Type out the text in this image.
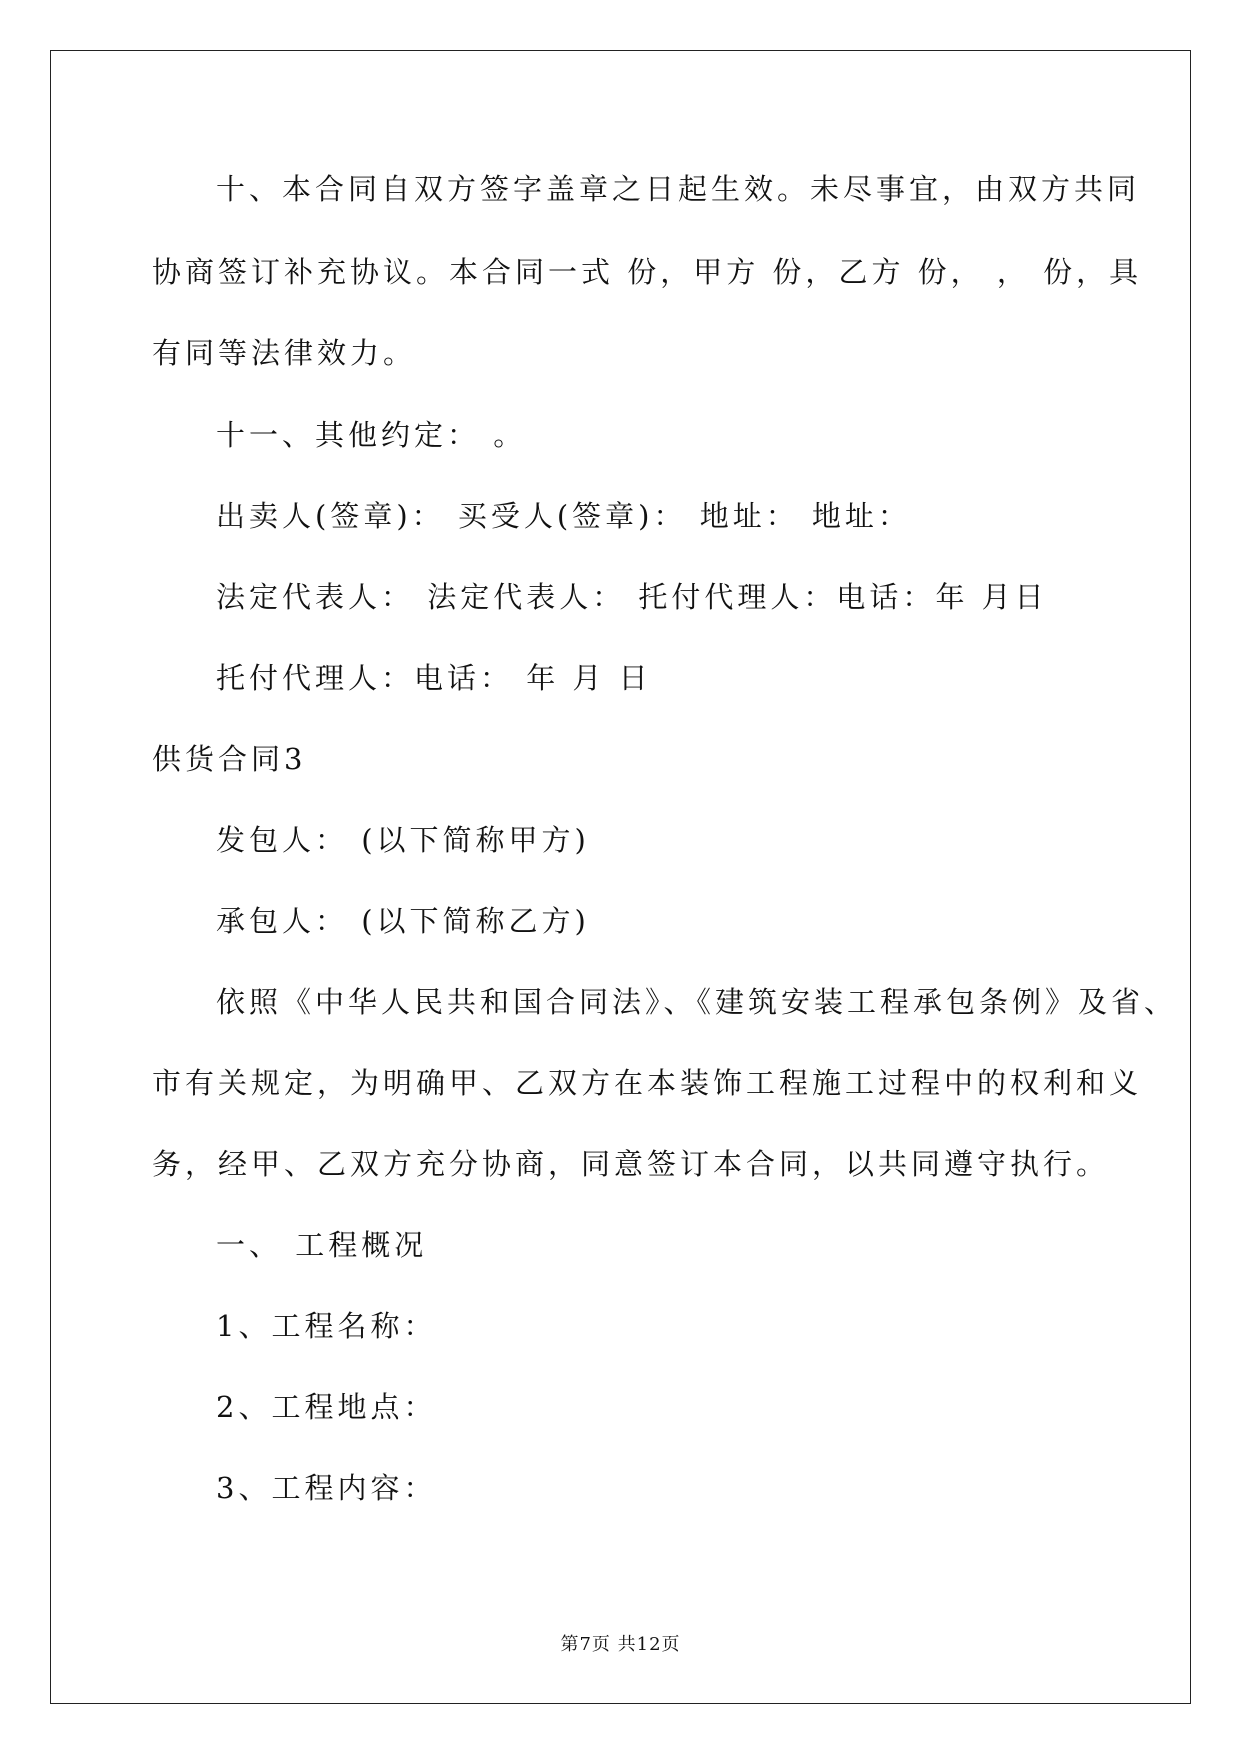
十、本合同自双方签字盖章之日起生效。未尽事宜，由双方共同
协商签订补充协议。本合同一式 份，甲方 份，乙方 份， ， 份，具
有同等法律效力。
十一、其他约定： 。
出卖人(签章)： 买受人(签章)： 地址： 地址：
法定代表人： 法定代表人： 托付代理人：电话：年 月日
托付代理人：电话： 年 月 日
供货合同3
发包人： (以下简称甲方)
承包人： (以下简称乙方)
依照《中华人民共和国合同法》、《建筑安装工程承包条例》及省、
市有关规定，为明确甲、乙双方在本装饰工程施工过程中的权利和义
务，经甲、乙双方充分协商，同意签订本合同，以共同遵守执行。
一、 工程概况
1、工程名称：
2、工程地点：
3、工程内容：
第7页 共12页
